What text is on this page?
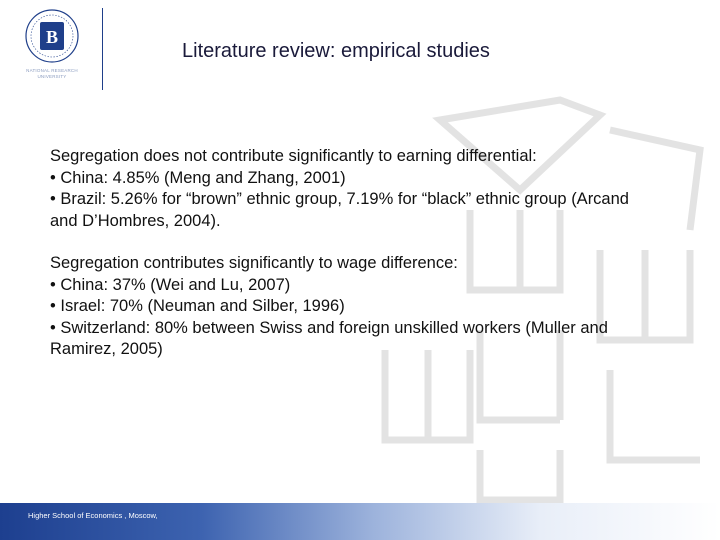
B
NATIONAL RESEARCH UNIVERSITY
Literature review: empirical studies

Segregation does not contribute significantly to earning differential:

• China: 4.85% (Meng and Zhang, 2001)

• Brazil: 5.26% for “brown” ethnic group, 7.19% for “black” ethnic group (Arcand and D’Hombres, 2004).

Segregation contributes significantly to wage difference:

• China: 37% (Wei and Lu, 2007)

• Israel: 70% (Neuman and Silber, 1996)

• Switzerland: 80% between Swiss and foreign unskilled workers (Muller and Ramirez, 2005)

Higher School of Economics , Moscow,
